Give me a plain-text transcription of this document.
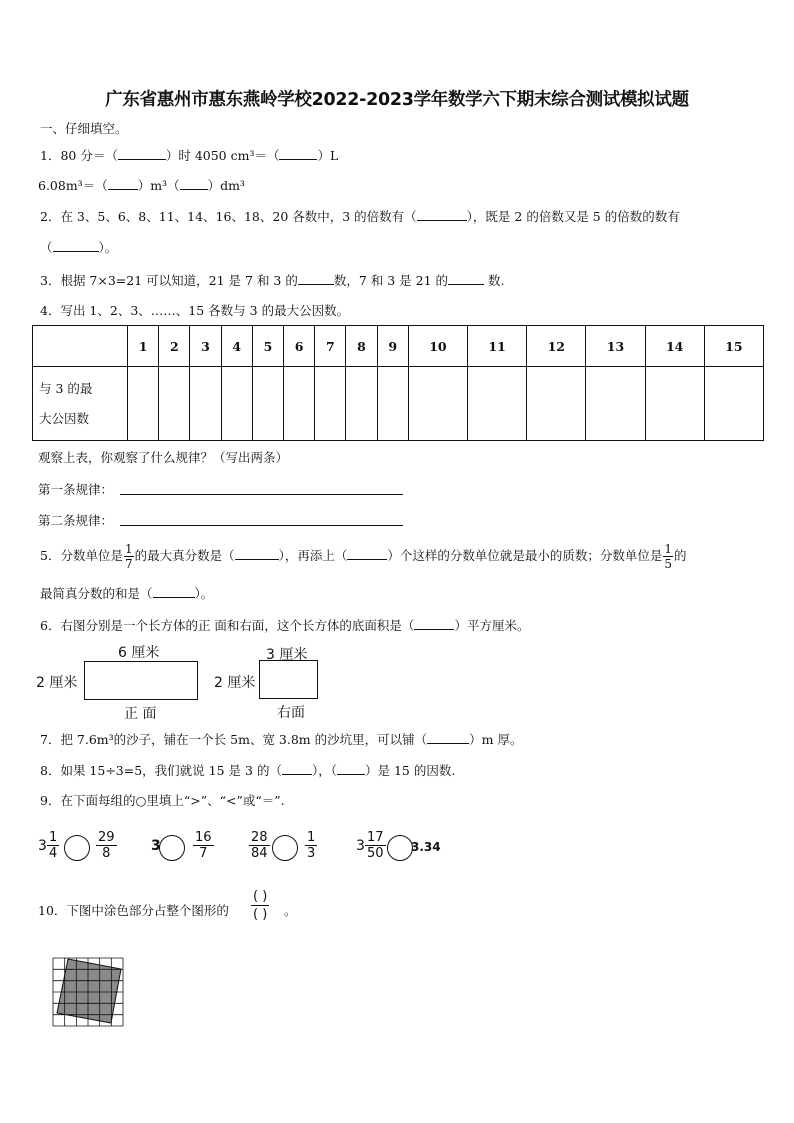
广东省惠州市惠东燕岭学校2022-2023学年数学六下期末综合测试模拟试题
一、仔细填空。
1．80 分＝（	）时 4050 cm³＝（	）L
6.08m³＝（ ）m³（ ）dm³
2．在 3、5、6、8、11、14、16、18、20 各数中，3 的倍数有（	），既是 2 的倍数又是 5 的倍数的数有
（	）。
3．根据 7×3=21 可以知道，21 是 7 和 3 的	数，7 和 3 是 21 的	数.
4．写出 1、2、3、……、15 各数与 3 的最大公因数。
	1	2	3	4	5	6	7	8	9	10	11	12	13	14	15
与 3 的最
大公因数															
观察上表，你观察了什么规律？（写出两条）
第一条规律：
第二条规律：
5．分数单位是 $\frac{1}{7}$ 的最大真分数是（	），再添上（	）个这样的分数单位就是最小的质数；分数单位是 $\frac{1}{5}$ 的
最简真分数的和是（	）。
6．右图分别是一个长方体的正 面和右面，这个长方体的底面积是（	）平方厘米。
6 厘米
2 厘米
正 面
3 厘米
2 厘米
右面
7．把 7.6m³的沙子，铺在一个长 5m、宽 3.8m 的沙坑里，可以铺（	）m 厚。
8．如果 15÷3=5，我们就说 15 是 3 的（ ），（ ）是 15 的因数.
9．在下面每组的○里填上“>”、“<”或“＝”.
$3 \frac{1}{4}$	$\frac{29}{8} 3 \frac{16}{7}$	$\frac{28}{84}$	$\frac{1}{3}$	$3 \frac{17}{50} 3.34$
10．下图中涂色部分占整个图形的
( )
( ) 。
